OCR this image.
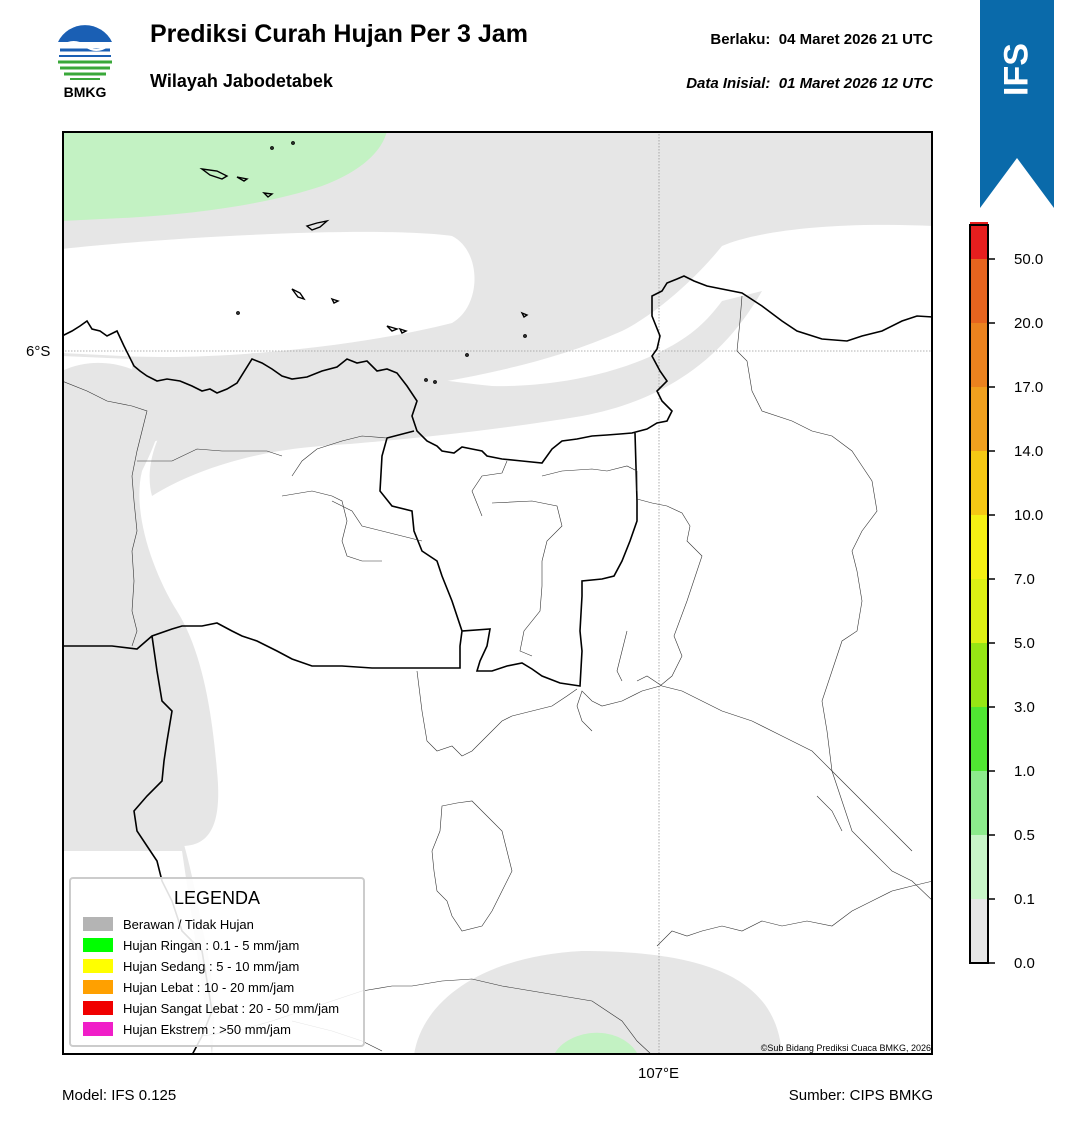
BMKG
Prediksi Curah Hujan Per 3 Jam
Wilayah Jabodetabek
Berlaku: 04 Maret 2026 21 UTC
Data Inisial: 01 Maret 2026 12 UTC IFS
6°S
107°E
©Sub Bidang Prediksi Cuaca BMKG, 2026
LEGENDA
Berawan / Tidak Hujan
Hujan Ringan : 0.1 - 5 mm/jam
Hujan Sedang : 5 - 10 mm/jam
Hujan Lebat : 10 - 20 mm/jam
Hujan Sangat Lebat : 20 - 50 mm/jam
Hujan Ekstrem : >50 mm/jam
0.0
0.1
0.5
1.0
3.0
5.0
7.0
10.0
14.0
17.0
20.0
50.0
Model: IFS 0.125	Sumber: CIPS BMKG
